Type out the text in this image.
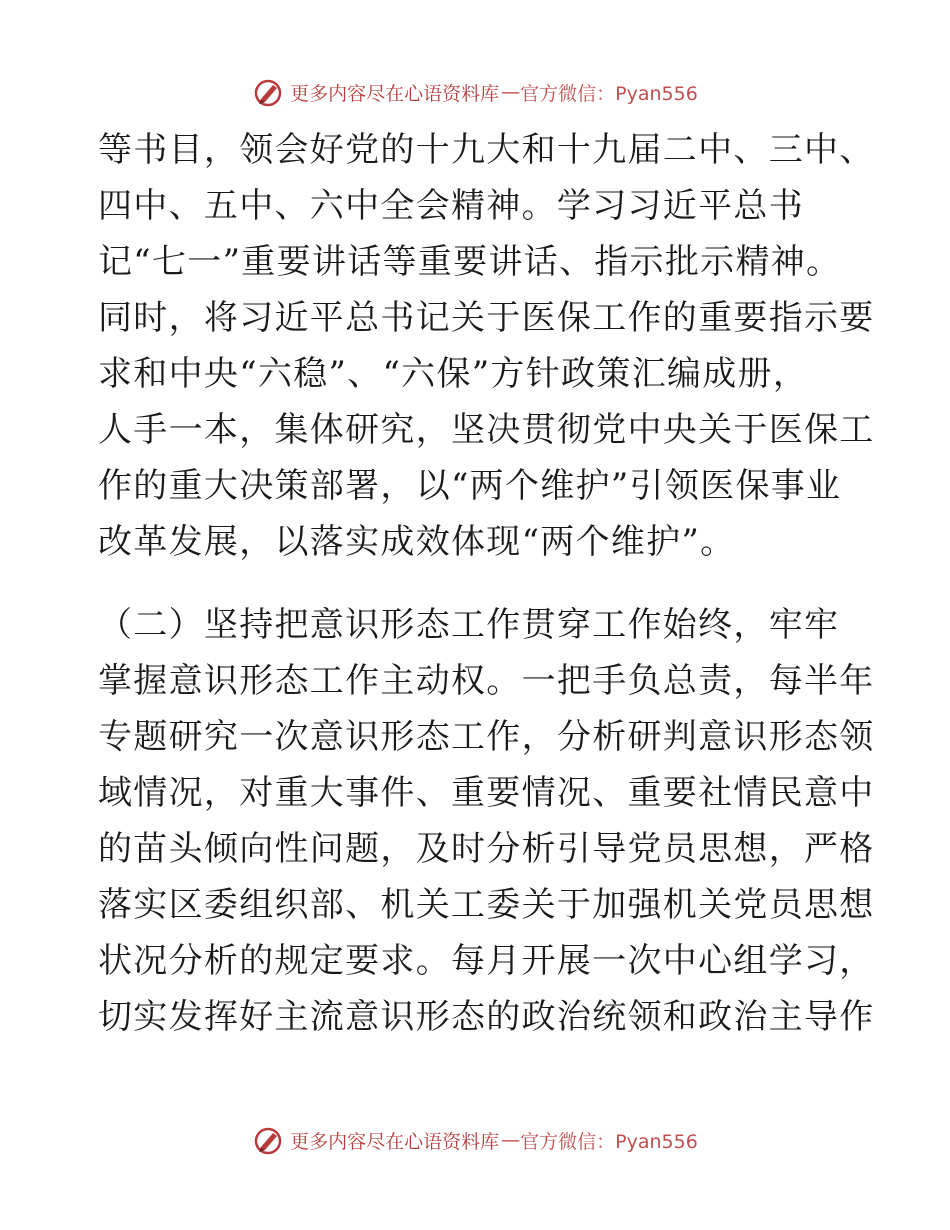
更多内容尽在心语资料库 — 官方微信：Pyan556
等书目，领会好党的十九大和十九届二中、三中、
四中、五中、六中全会精神。学习习近平总书
记“七一”重要讲话等重要讲话、指示批示精神。
同时，将习近平总书记关于医保工作的重要指示要
求和中央“六稳”、“六保”方针政策汇编成册，
人手一本，集体研究，坚决贯彻党中央关于医保工
作的重大决策部署，以“两个维护”引领医保事业
改革发展，以落实成效体现“两个维护”。
（二）坚持把意识形态工作贯穿工作始终，牢牢
掌握意识形态工作主动权。一把手负总责，每半年
专题研究一次意识形态工作，分析研判意识形态领
域情况，对重大事件、重要情况、重要社情民意中
的苗头倾向性问题，及时分析引导党员思想，严格
落实区委组织部、机关工委关于加强机关党员思想
状况分析的规定要求。每月开展一次中心组学习，
切实发挥好主流意识形态的政治统领和政治主导作
更多内容尽在心语资料库 — 官方微信：Pyan556
